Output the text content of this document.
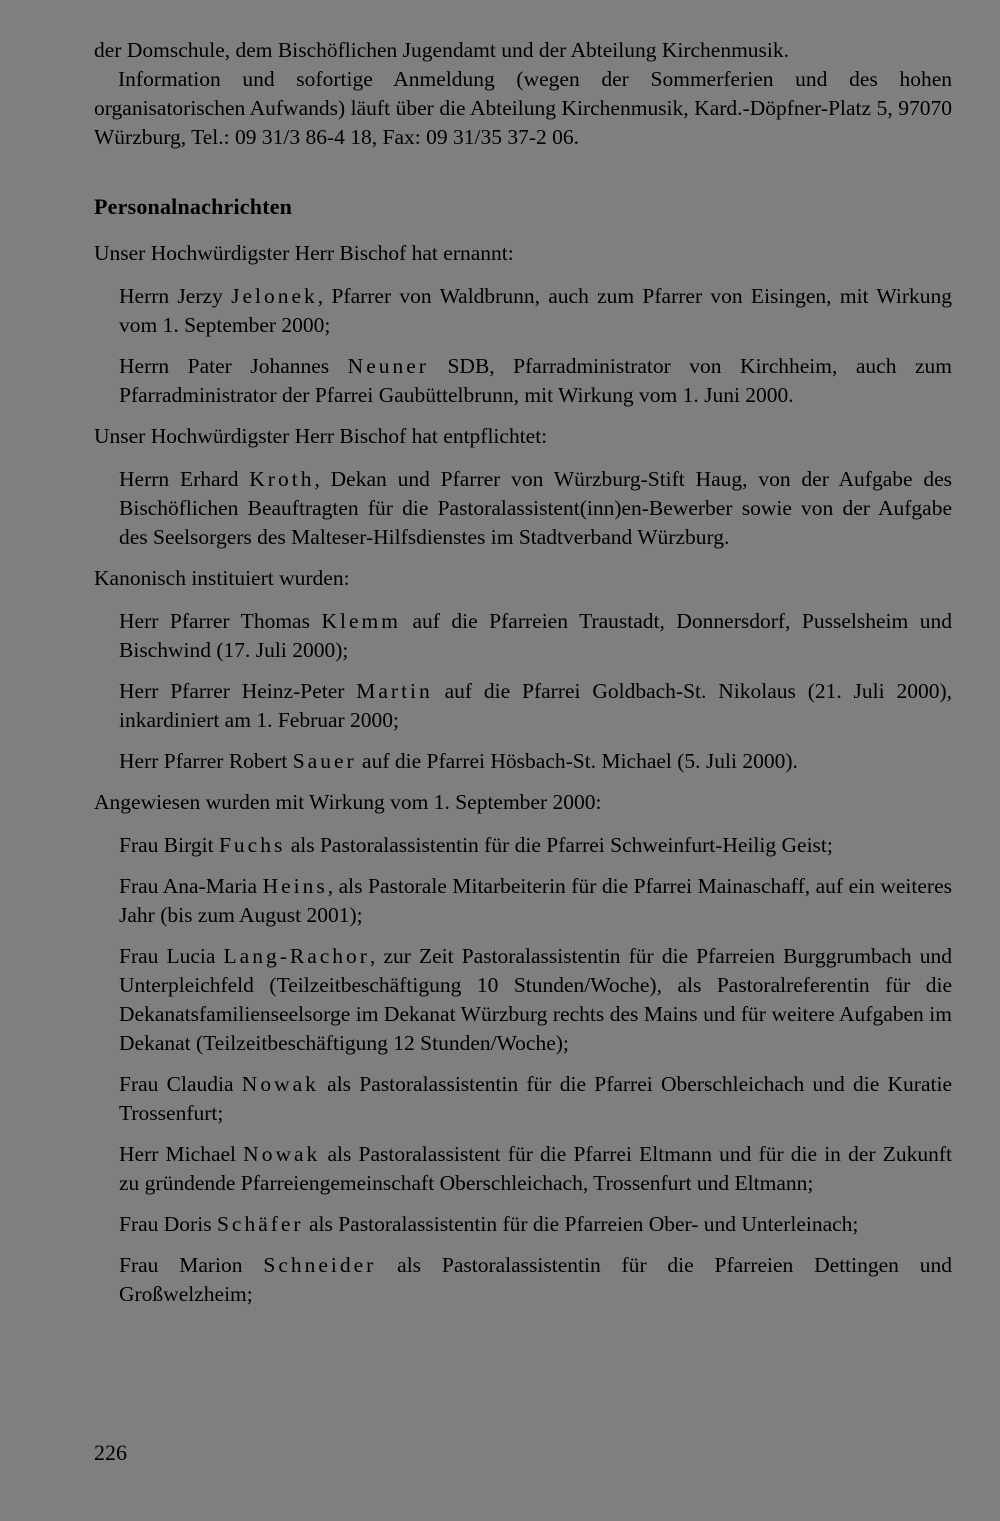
der Domschule, dem Bischöflichen Jugendamt und der Abteilung Kirchenmusik.

Information und sofortige Anmeldung (wegen der Sommerferien und des hohen organisatorischen Aufwands) läuft über die Abteilung Kirchenmusik, Kard.-Döpfner-Platz 5, 97070 Würzburg, Tel.: 09 31/3 86-4 18, Fax: 09 31/35 37-2 06.

Personalnachrichten

Unser Hochwürdigster Herr Bischof hat ernannt:

Herrn Jerzy Jelonek, Pfarrer von Waldbrunn, auch zum Pfarrer von Eisingen, mit Wirkung vom 1. September 2000;

Herrn Pater Johannes Neuner SDB, Pfarradministrator von Kirchheim, auch zum Pfarradministrator der Pfarrei Gaubüttelbrunn, mit Wirkung vom 1. Juni 2000.

Unser Hochwürdigster Herr Bischof hat entpflichtet:

Herrn Erhard Kroth, Dekan und Pfarrer von Würzburg-Stift Haug, von der Aufgabe des Bischöflichen Beauftragten für die Pastoralassistent(inn)en-Bewerber sowie von der Aufgabe des Seelsorgers des Malteser-Hilfsdienstes im Stadtverband Würzburg.

Kanonisch instituiert wurden:

Herr Pfarrer Thomas Klemm auf die Pfarreien Traustadt, Donnersdorf, Pusselsheim und Bischwind (17. Juli 2000);

Herr Pfarrer Heinz-Peter Martin auf die Pfarrei Goldbach-St. Nikolaus (21. Juli 2000), inkardiniert am 1. Februar 2000;

Herr Pfarrer Robert Sauer auf die Pfarrei Hösbach-St. Michael (5. Juli 2000).

Angewiesen wurden mit Wirkung vom 1. September 2000:

Frau Birgit Fuchs als Pastoralassistentin für die Pfarrei Schweinfurt-Heilig Geist;

Frau Ana-Maria Heins, als Pastorale Mitarbeiterin für die Pfarrei Mainaschaff, auf ein weiteres Jahr (bis zum August 2001);

Frau Lucia Lang-Rachor, zur Zeit Pastoralassistentin für die Pfarreien Burggrumbach und Unterpleichfeld (Teilzeitbeschäftigung 10 Stunden/Woche), als Pastoralreferentin für die Dekanatsfamilienseelsorge im Dekanat Würzburg rechts des Mains und für weitere Aufgaben im Dekanat (Teilzeitbeschäftigung 12 Stunden/Woche);

Frau Claudia Nowak als Pastoralassistentin für die Pfarrei Oberschleichach und die Kuratie Trossenfurt;

Herr Michael Nowak als Pastoralassistent für die Pfarrei Eltmann und für die in der Zukunft zu gründende Pfarreiengemeinschaft Oberschleichach, Trossenfurt und Eltmann;

Frau Doris Schäfer als Pastoralassistentin für die Pfarreien Ober- und Unterleinach;

Frau Marion Schneider als Pastoralassistentin für die Pfarreien Dettingen und Großwelzheim;

226
